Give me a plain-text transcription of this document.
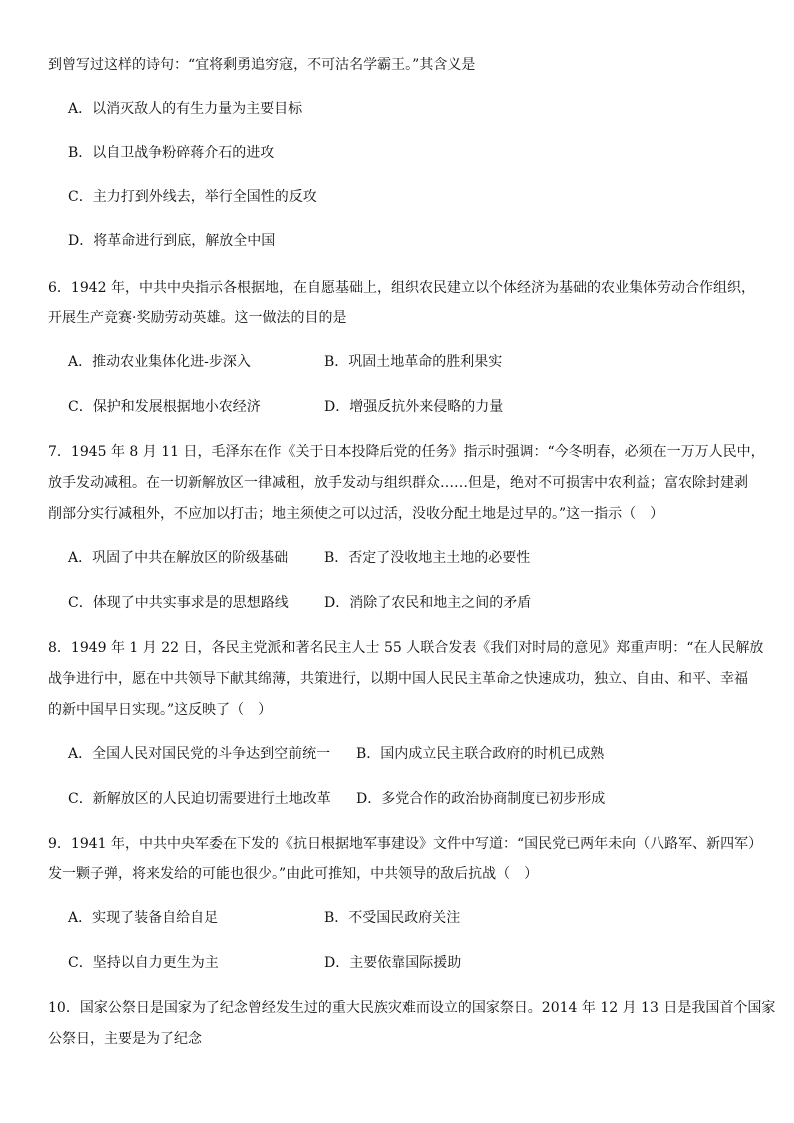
到曾写过这样的诗句：“宜将剩勇追穷寇，不可沽名学霸王。”其含义是
A．以消灭敌人的有生力量为主要目标
B．以自卫战争粉碎蒋介石的进攻
C．主力打到外线去，举行全国性的反攻
D．将革命进行到底，解放全中国
6．1942 年，中共中央指示各根据地，在自愿基础上，组织农民建立以个体经济为基础的农业集体劳动合作组织，
开展生产竞赛·奖励劳动英雄。这一做法的目的是
A．推动农业集体化进-步深入	B．巩固土地革命的胜利果实
C．保护和发展根据地小农经济	D．增强反抗外来侵略的力量
7．1945 年 8 月 11 日，毛泽东在作《关于日本投降后党的任务》指示时强调：“今冬明春，必须在一万万人民中，
放手发动减租。在一切新解放区一律减租，放手发动与组织群众……但是，绝对不可损害中农利益；富农除封建剥
削部分实行减租外，不应加以打击；地主须使之可以过活，没收分配土地是过早的。”这一指示（　）
A．巩固了中共在解放区的阶级基础	B．否定了没收地主土地的必要性
C．体现了中共实事求是的思想路线	D．消除了农民和地主之间的矛盾
8．1949 年 1 月 22 日，各民主党派和著名民主人士 55 人联合发表《我们对时局的意见》郑重声明：“在人民解放
战争进行中，愿在中共领导下献其绵薄，共策进行，以期中国人民民主革命之快速成功，独立、自由、和平、幸福
的新中国早日实现。”这反映了（　）
A．全国人民对国民党的斗争达到空前统一 B．国内成立民主联合政府的时机已成熟
C．新解放区的人民迫切需要进行土地改革 D．多党合作的政治协商制度已初步形成
9．1941 年，中共中央军委在下发的《抗日根据地军事建设》文件中写道：“国民党已两年未向（八路军、新四军）
发一颗子弹，将来发给的可能也很少。”由此可推知，中共领导的敌后抗战（　）
A．实现了装备自给自足	B．不受国民政府关注
C．坚持以自力更生为主	D．主要依靠国际援助
10．国家公祭日是国家为了纪念曾经发生过的重大民族灾难而设立的国家祭日。2014 年 12 月 13 日是我国首个国家
公祭日，主要是为了纪念
